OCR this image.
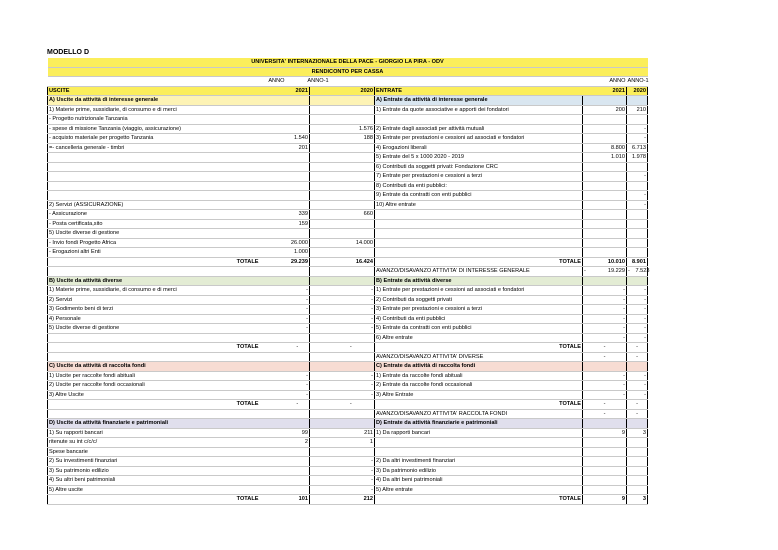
MODELLO D
UNIVERSITA' INTERNAZIONALE DELLA PACE - GIORGIO LA PIRA - ODV										
RENDICONTO PER CASSA										
ANNO		ANNO-1				ANNO			ANNO-1	
USCITE		2021		2020		ENTRATE	2021		2020	
A) Uscite da attività di interesse generale						A) Entrate da attività di interesse generale				
1) Materie prime, sussidiarie, di consumo e di merci						1) Entrate da quote associative e apporti dei fondatori	200		210	
- Progetto nutrizionale Tanzania										
- spese di missione Tanzania (viaggio, assicurazione)				1.576		2) Entrate dagli associati per attività mutuali			-	
- acquisto materiale per progetto Tanzania		1.540		188		3) Entrate per prestazioni e cessioni ad associati e fondatori			-	
=- cancelleria generale - timbri		201				4) Erogazioni liberali	8.800		6.713	
						5) Entrate del 5 x 1000 2020 - 2019	1.010		1.978	
						6) Contributi da soggetti privati: Fondazione CRC				
						7) Entrate per prestazioni e cessioni a terzi			-	
						8) Contributi da enti pubblici:				
						9) Entrate da contratti con enti pubblici			-	
2) Servizi (ASSICURAZIONE)						10) Altre entrate			-	
- Assicurazione		339		660						
- Posta certificata,sito		159								
5) Uscite diverse di gestione										
- Invio fondi Progetto Africa		26.000		14.000						
- Erogazioni altri Enti		1.000								
TOTALE		29.239		16.424		TOTALE	10.010		8.901	
						AVANZO/DISAVANZO ATTIVITA' DI INTERESSE GENERALE	-	19.229	-	7.523
B) Uscite da attività diverse						B) Entrate da attività diverse				
1) Materie prime, sussidiarie, di consumo e di merci		-		-		1) Entrate per prestazioni e cessioni ad associati e fondatori	-		-	
2) Servizi		-		-		2) Contributi da soggetti privati	-		-	
3) Godimento beni di terzi		-		-		3) Entrate per prestazioni e cessioni a terzi	-		-	
4) Personale		-		-		4) Contributi da enti pubblici	-		-	
5) Uscite diverse di gestione		-		-		5) Entrate da contratti con enti pubblici	-		-	
						6) Altre entrate	-		-	
TOTALE		-		-		TOTALE	-		-	
						AVANZO/DISAVANZO ATTIVITA' DIVERSE	-		-	
C) Uscite da attività di raccolta fondi						C) Entrate da attività di raccolta fondi				
1) Uscite per raccolte fondi abituali		-		-		1) Entrate da raccolte fondi abituali	-		-	
2) Uscite per raccolte fondi occasionali		-		-		2) Entrate da raccolte fondi occasionali	-		-	
3) Altre Uscite		-		-		3) Altre Entrate	-		-	
TOTALE		-		-		TOTALE	-		-	
						AVANZO/DISAVANZO ATTIVITA' RACCOLTA FONDI	-		-	
D) Uscite da attività finanziarie e patrimoniali						D) Entrate da attività finanziarie e patrimoniali				
1) Su rapporti bancari		99		211		1) Da rapporti bancari	9		3	
ritenute su int c/c/c/		2		1						
Spese bancarie										
2) Su investimenti finanziari				-		2) Da altri investimenti finanziari				
3) Su patrimonio edilizio				-		3) Da patrimonio edilizio				
4) Su altri beni patrimoniali				-		4) Da altri beni patrimoniali				
5) Altre uscite				-		5) Altre entrate				
TOTALE		101		212		TOTALE	9		3	
